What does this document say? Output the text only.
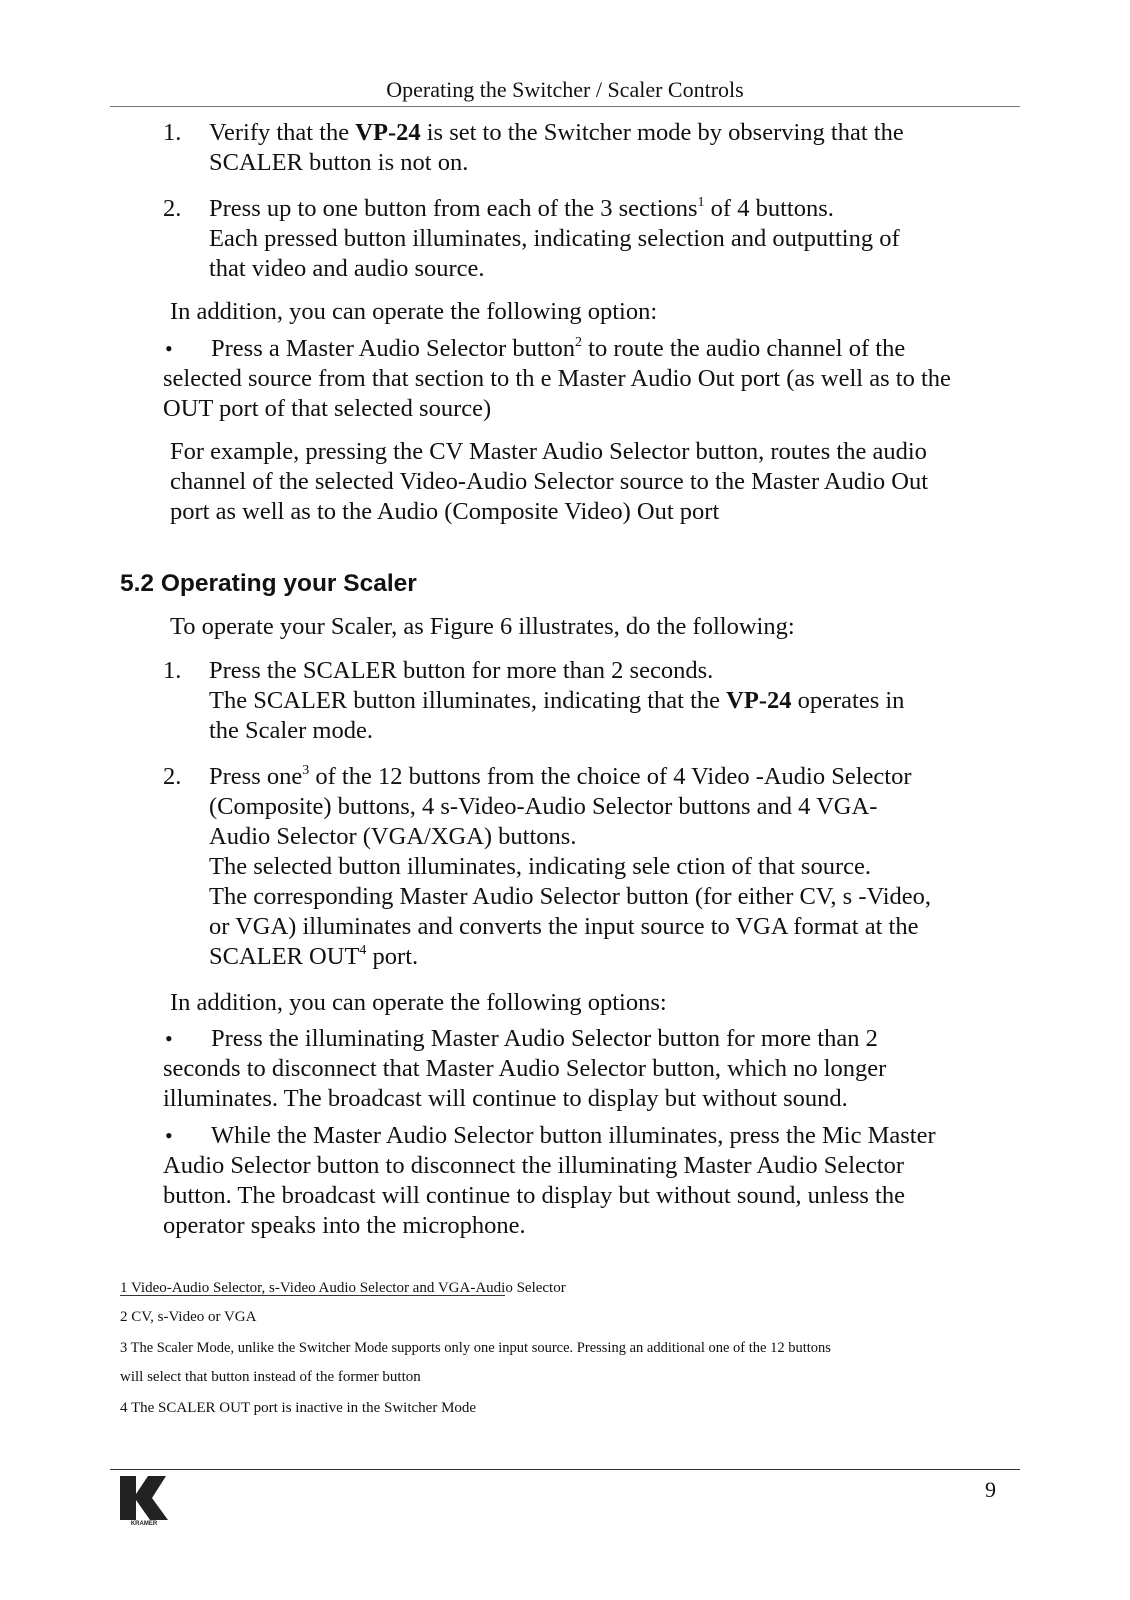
Operating the Switcher / Scaler Controls
1. Verify that the VP-24 is set to the Switcher mode by observing that the
SCALER button is not on.
2. Press up to one button from each of the 3 sections$^1$ of 4 buttons.
Each pressed button illuminates, indicating selection and outputting of
that video and audio source.
In addition, you can operate the following option:
• Press a Master Audio Selector button$^2$ to route the audio channel of the
selected source from that section to th e Master Audio Out port (as well as to the
OUT port of that selected source)
For example, pressing the CV Master Audio Selector button, routes the audio
channel of the selected Video-Audio Selector source to the Master Audio Out
port as well as to the Audio (Composite Video) Out port
5.2 Operating your Scaler
To operate your Scaler, as Figure 6 illustrates, do the following:
1. Press the SCALER button for more than 2 seconds.
The SCALER button illuminates, indicating that the VP-24 operates in
the Scaler mode.
2. Press one$^3$ of the 12 buttons from the choice of 4 Video -Audio Selector
(Composite) buttons, 4 s-Video-Audio Selector buttons and 4 VGA-
Audio Selector (VGA/XGA) buttons.
The selected button illuminates, indicating sele ction of that source.
The corresponding Master Audio Selector button (for either CV, s -Video,
or VGA) illuminates and converts the input source to VGA format at the
SCALER OUT$^4$ port.
In addition, you can operate the following options:
• Press the illuminating Master Audio Selector button for more than 2
seconds to disconnect that Master Audio Selector button, which no longer
illuminates. The broadcast will continue to display but without sound.
• While the Master Audio Selector button illuminates, press the Mic Master
Audio Selector button to disconnect the illuminating Master Audio Selector
button. The broadcast will continue to display but without sound, unless the
operator speaks into the microphone.
1 Video-Audio Selector, s-Video Audio Selector and VGA-Audio Selector
2 CV, s-Video or VGA
3 The Scaler Mode, unlike the Switcher Mode supports only one input source. Pressing an additional one of the 12 buttons
will select that button instead of the former button
4 The SCALER OUT port is inactive in the Switcher Mode
KRAMER
9
